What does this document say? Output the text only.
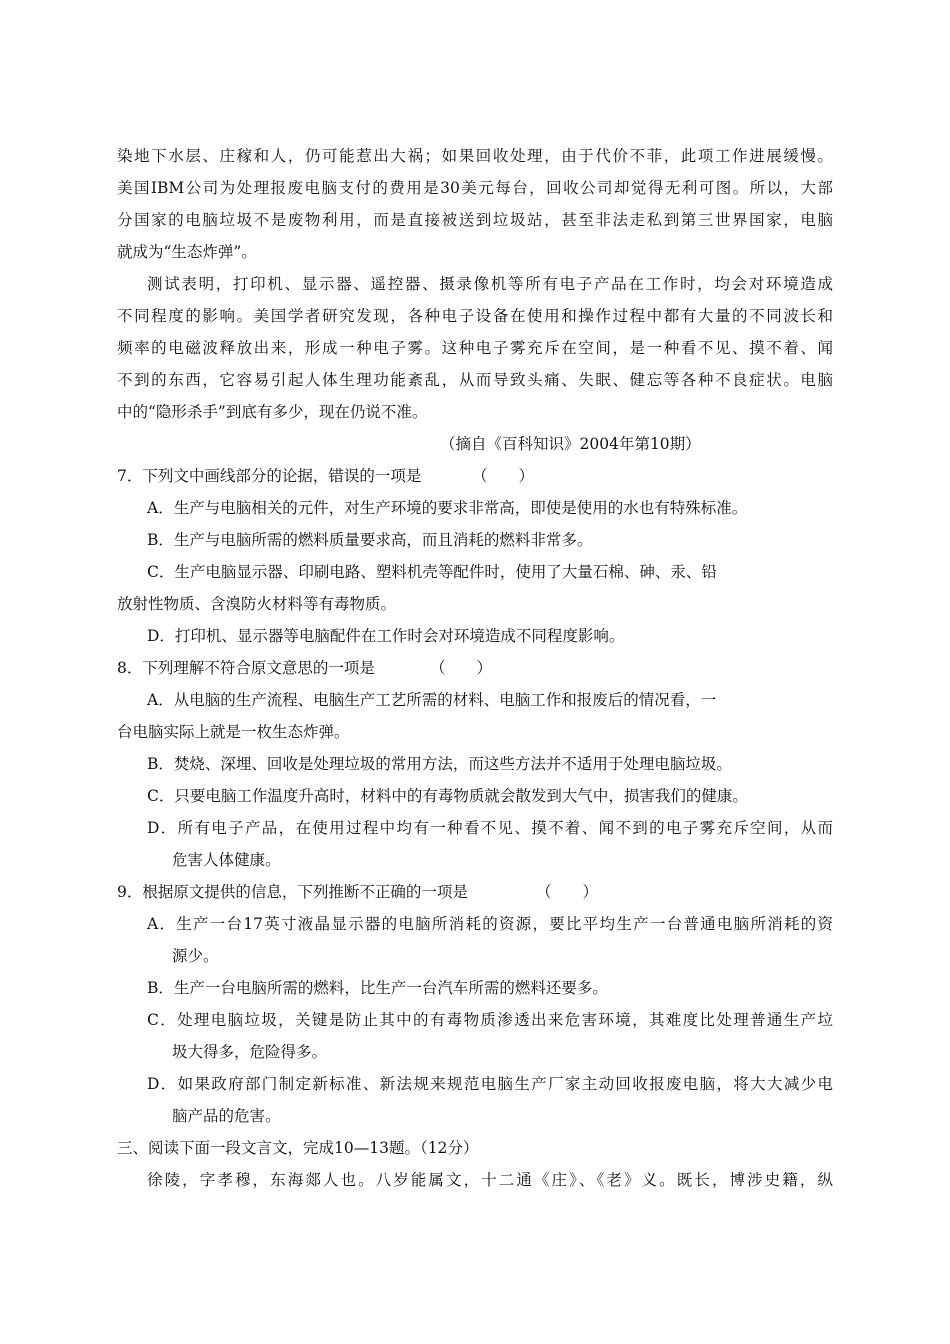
染地下水层、庄稼和人，仍可能惹出大祸；如果回收处理，由于代价不菲，此项工作进展缓慢。
美国IBM公司为处理报废电脑支付的费用是30美元每台，回收公司却觉得无利可图。所以，大部
分国家的电脑垃圾不是废物利用，而是直接被送到垃圾站，甚至非法走私到第三世界国家，电脑
就成为“生态炸弹”。
测试表明，打印机、显示器、遥控器、摄录像机等所有电子产品在工作时，均会对环境造成
不同程度的影响。美国学者研究发现，各种电子设备在使用和操作过程中都有大量的不同波长和
频率的电磁波释放出来，形成一种电子雾。这种电子雾充斥在空间，是一种看不见、摸不着、闻
不到的东西，它容易引起人体生理功能紊乱，从而导致头痛、失眠、健忘等各种不良症状。电脑
中的“隐形杀手”到底有多少，现在仍说不准。
（摘自《百科知识》2004年第10期）
7．下列文中画线部分的论据，错误的一项是	（　　）
A．生产与电脑相关的元件，对生产环境的要求非常高，即使是使用的水也有特殊标准。
B．生产与电脑所需的燃料质量要求高，而且消耗的燃料非常多。
C．生产电脑显示器、印刷电路、塑料机壳等配件时，使用了大量石棉、砷、汞、铅
放射性物质、含溴防火材料等有毒物质。
D．打印机、显示器等电脑配件在工作时会对环境造成不同程度影响。
8．下列理解不符合原文意思的一项是	（　　）
A．从电脑的生产流程、电脑生产工艺所需的材料、电脑工作和报废后的情况看，一
台电脑实际上就是一枚生态炸弹。
B．焚烧、深埋、回收是处理垃圾的常用方法，而这些方法并不适用于处理电脑垃圾。
C．只要电脑工作温度升高时，材料中的有毒物质就会散发到大气中，损害我们的健康。
D．所有电子产品，在使用过程中均有一种看不见、摸不着、闻不到的电子雾充斥空间，从而
危害人体健康。
9．根据原文提供的信息，下列推断不正确的一项是	（　　）
A．生产一台17英寸液晶显示器的电脑所消耗的资源，要比平均生产一台普通电脑所消耗的资
源少。
B．生产一台电脑所需的燃料，比生产一台汽车所需的燃料还要多。
C．处理电脑垃圾，关键是防止其中的有毒物质渗透出来危害环境，其难度比处理普通生产垃
圾大得多，危险得多。
D．如果政府部门制定新标准、新法规来规范电脑生产厂家主动回收报废电脑，将大大减少电
脑产品的危害。
三、阅读下面一段文言文，完成10—13题。（12分）
徐陵，字孝穆，东海郯人也。八岁能属文，十二通《庄》、《老》义。既长，博涉史籍，纵
